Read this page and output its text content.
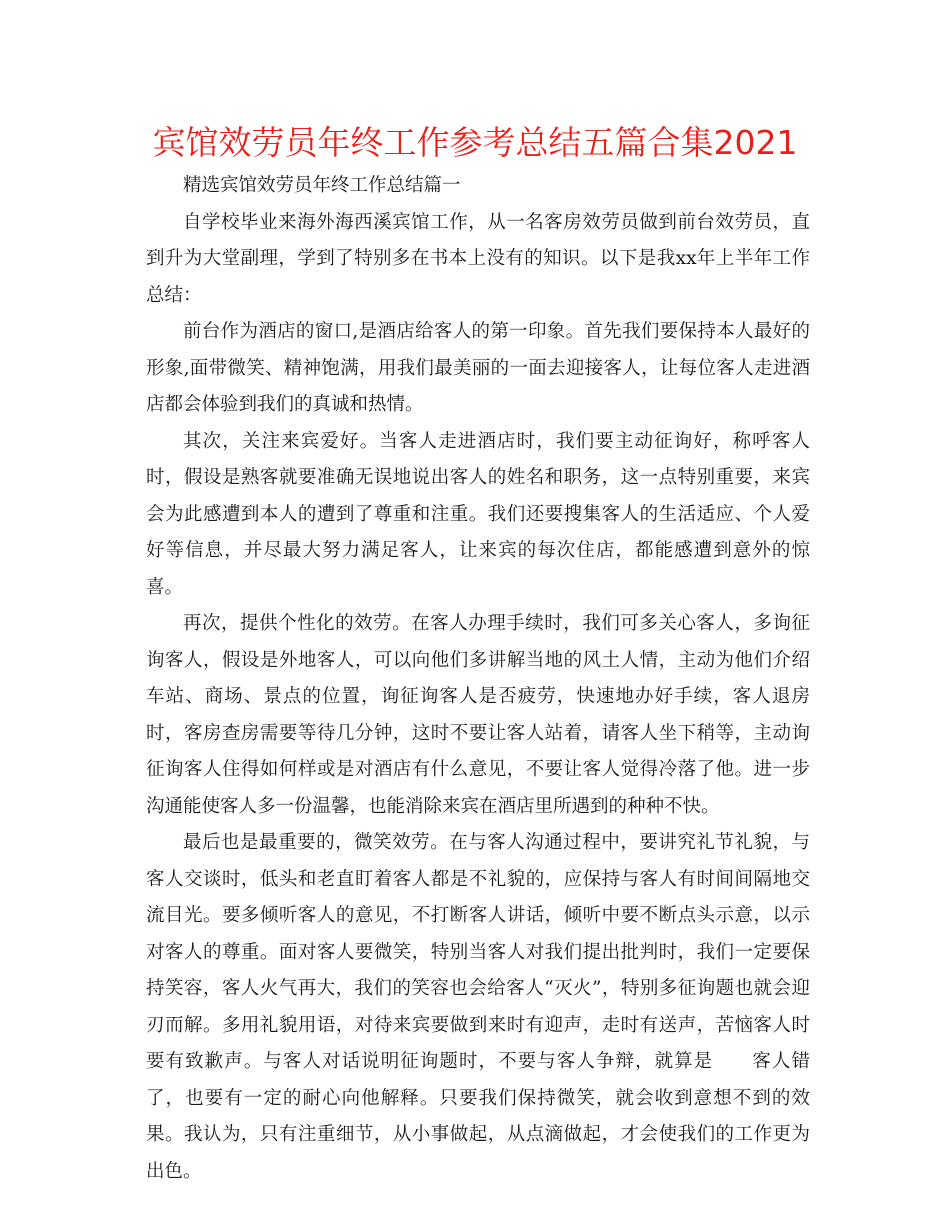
宾馆效劳员年终工作参考总结五篇合集2021

精选宾馆效劳员年终工作总结篇一

自学校毕业来海外海西溪宾馆工作，从一名客房效劳员做到前台效劳员，直到升为大堂副理，学到了特别多在书本上没有的知识。以下是我xx年上半年工作总结：

前台作为酒店的窗口,是酒店给客人的第一印象。首先我们要保持本人最好的形象,面带微笑、精神饱满，用我们最美丽的一面去迎接客人，让每位客人走进酒店都会体验到我们的真诚和热情。

其次，关注来宾爱好。当客人走进酒店时，我们要主动征询好，称呼客人时，假设是熟客就要准确无误地说出客人的姓名和职务，这一点特别重要，来宾会为此感遭到本人的遭到了尊重和注重。我们还要搜集客人的生活适应、个人爱好等信息，并尽最大努力满足客人，让来宾的每次住店，都能感遭到意外的惊喜。

再次，提供个性化的效劳。在客人办理手续时，我们可多关心客人，多询征询客人，假设是外地客人，可以向他们多讲解当地的风土人情，主动为他们介绍车站、商场、景点的位置，询征询客人是否疲劳，快速地办好手续，客人退房时，客房查房需要等待几分钟，这时不要让客人站着，请客人坐下稍等，主动询征询客人住得如何样或是对酒店有什么意见，不要让客人觉得冷落了他。进一步沟通能使客人多一份温馨，也能消除来宾在酒店里所遇到的种种不快。

最后也是最重要的，微笑效劳。在与客人沟通过程中，要讲究礼节礼貌，与客人交谈时，低头和老直盯着客人都是不礼貌的，应保持与客人有时间间隔地交流目光。要多倾听客人的意见，不打断客人讲话，倾听中要不断点头示意，以示对客人的尊重。面对客人要微笑，特别当客人对我们提出批判时，我们一定要保持笑容，客人火气再大，我们的笑容也会给客人“灭火”，特别多征询题也就会迎刃而解。多用礼貌用语，对待来宾要做到来时有迎声，走时有送声，苦恼客人时要有致歉声。与客人对话说明征询题时，不要与客人争辩，就算是　　客人错了，也要有一定的耐心向他解释。只要我们保持微笑，就会收到意想不到的效果。我认为，只有注重细节，从小事做起，从点滴做起，才会使我们的工作更为出色。
